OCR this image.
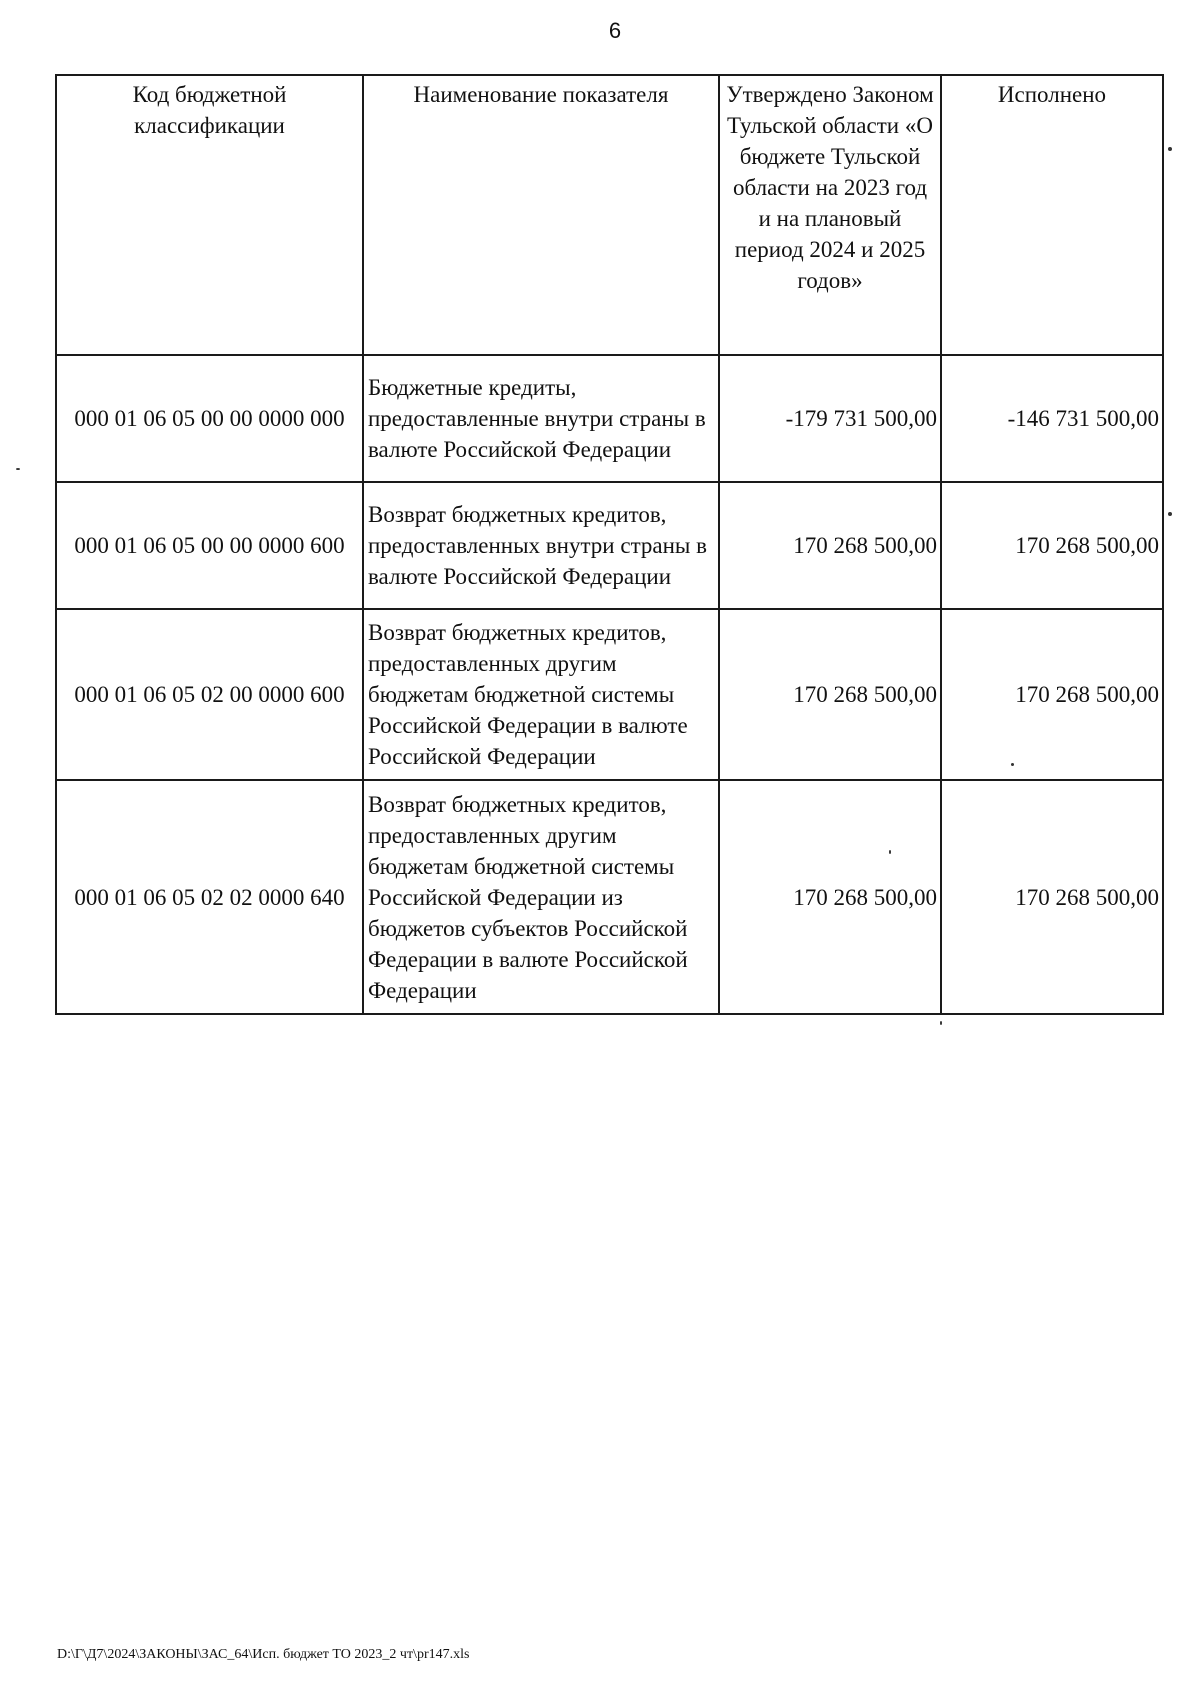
6
Код бюджетной классификации	Наименование показателя	Утверждено Законом Тульской области «О бюджете Тульской области на 2023 год и на плановый период 2024 и 2025 годов»	Исполнено
000 01 06 05 00 00 0000 000	Бюджетные кредиты, предоставленные внутри страны в валюте Российской Федерации	-179 731 500,00	-146 731 500,00
000 01 06 05 00 00 0000 600	Возврат бюджетных кредитов, предоставленных внутри страны в валюте Российской Федерации	170 268 500,00	170 268 500,00
000 01 06 05 02 00 0000 600	Возврат бюджетных кредитов, предоставленных другим бюджетам бюджетной системы Российской Федерации в валюте Российской Федерации	170 268 500,00	170 268 500,00
000 01 06 05 02 02 0000 640	Возврат бюджетных кредитов, предоставленных другим бюджетам бюджетной системы Российской Федерации из бюджетов субъектов Российской Федерации в валюте Российской Федерации	170 268 500,00	170 268 500,00
D:\Г\Д7\2024\ЗАКОНЫ\ЗАС_64\Исп. бюджет ТО 2023_2 чт\pr147.xls
